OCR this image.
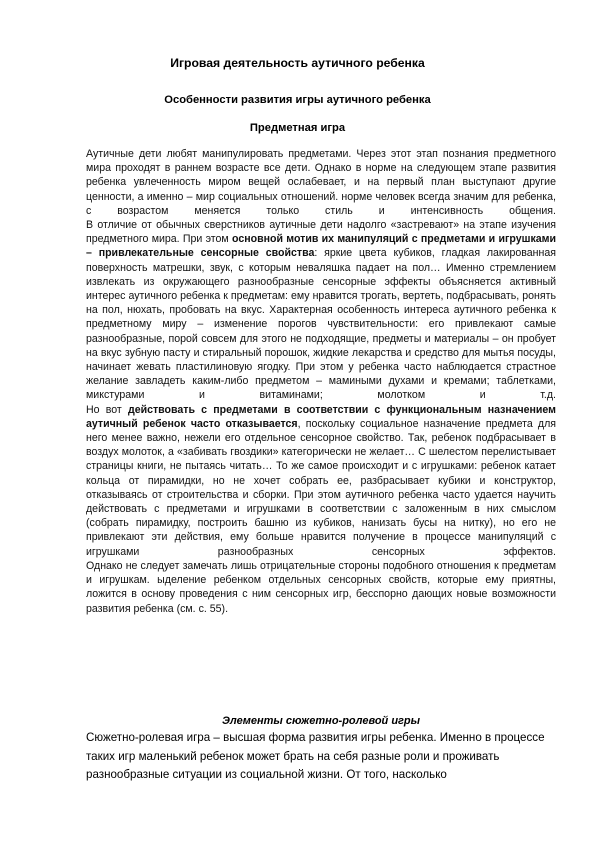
Игровая деятельность аутичного ребенка
Особенности развития игры аутичного ребенка
Предметная игра

Аутичные дети любят манипулировать предметами. Через этот этап познания предметного мира проходят в раннем возрасте все дети. Однако в норме на следующем этапе развития ребенка увлеченность миром вещей ослабевает, и на первый план выступают другие ценности, а именно – мир социальных отношений. норме человек всегда значим для ребенка, с возрастом меняется только стиль и интенсивность общения.

В отличие от обычных сверстников аутичные дети надолго «застревают» на этапе изучения предметного мира. При этом основной мотив их манипуляций с предметами и игрушками – привлекательные сенсорные свойства: яркие цвета кубиков, гладкая лакированная поверхность матрешки, звук, с которым неваляшка падает на пол… Именно стремлением извлекать из окружающего разнообразные сенсорные эффекты объясняется активный интерес аутичного ребенка к предметам: ему нравится трогать, вертеть, подбрасывать, ронять на пол, нюхать, пробовать на вкус. Характерная особенность интереса аутичного ребенка к предметному миру – изменение порогов чувствительности: его привлекают самые разнообразные, порой совсем для этого не подходящие, предметы и материалы – он пробует на вкус зубную пасту и стиральный порошок, жидкие лекарства и средство для мытья посуды, начинает жевать пластилиновую ягодку. При этом у ребенка часто наблюдается страстное желание завладеть каким-либо предметом – мамиными духами и кремами; таблетками, микстурами и витаминами; молотком и т.д.

Но вот действовать с предметами в соответствии с функциональным назначением аутичный ребенок часто отказывается, поскольку социальное назначение предмета для него менее важно, нежели его отдельное сенсорное свойство. Так, ребенок подбрасывает в воздух молоток, а «забивать гвоздики» категорически не желает… С шелестом перелистывает страницы книги, не пытаясь читать… То же самое происходит и с игрушками: ребенок катает кольца от пирамидки, но не хочет собрать ее, разбрасывает кубики и конструктор, отказываясь от строительства и сборки. При этом аутичного ребенка часто удается научить действовать с предметами и игрушками в соответствии с заложенным в них смыслом (собрать пирамидку, построить башню из кубиков, нанизать бусы на нитку), но его не привлекают эти действия, ему больше нравится получение в процессе манипуляций с игрушками разнообразных сенсорных эффектов.

Однако не следует замечать лишь отрицательные стороны подобного отношения к предметам и игрушкам. ыделение ребенком отдельных сенсорных свойств, которые ему приятны, ложится в основу проведения с ним сенсорных игр, бесспорно дающих новые возможности развития ребенка (см. с. 55).

Элементы сюжетно-ролевой игры
Сюжетно-ролевая игра – высшая форма развития игры ребенка. Именно в процессе таких игр маленький ребенок может брать на себя разные роли и проживать разнообразные ситуации из социальной жизни. От того, насколько
